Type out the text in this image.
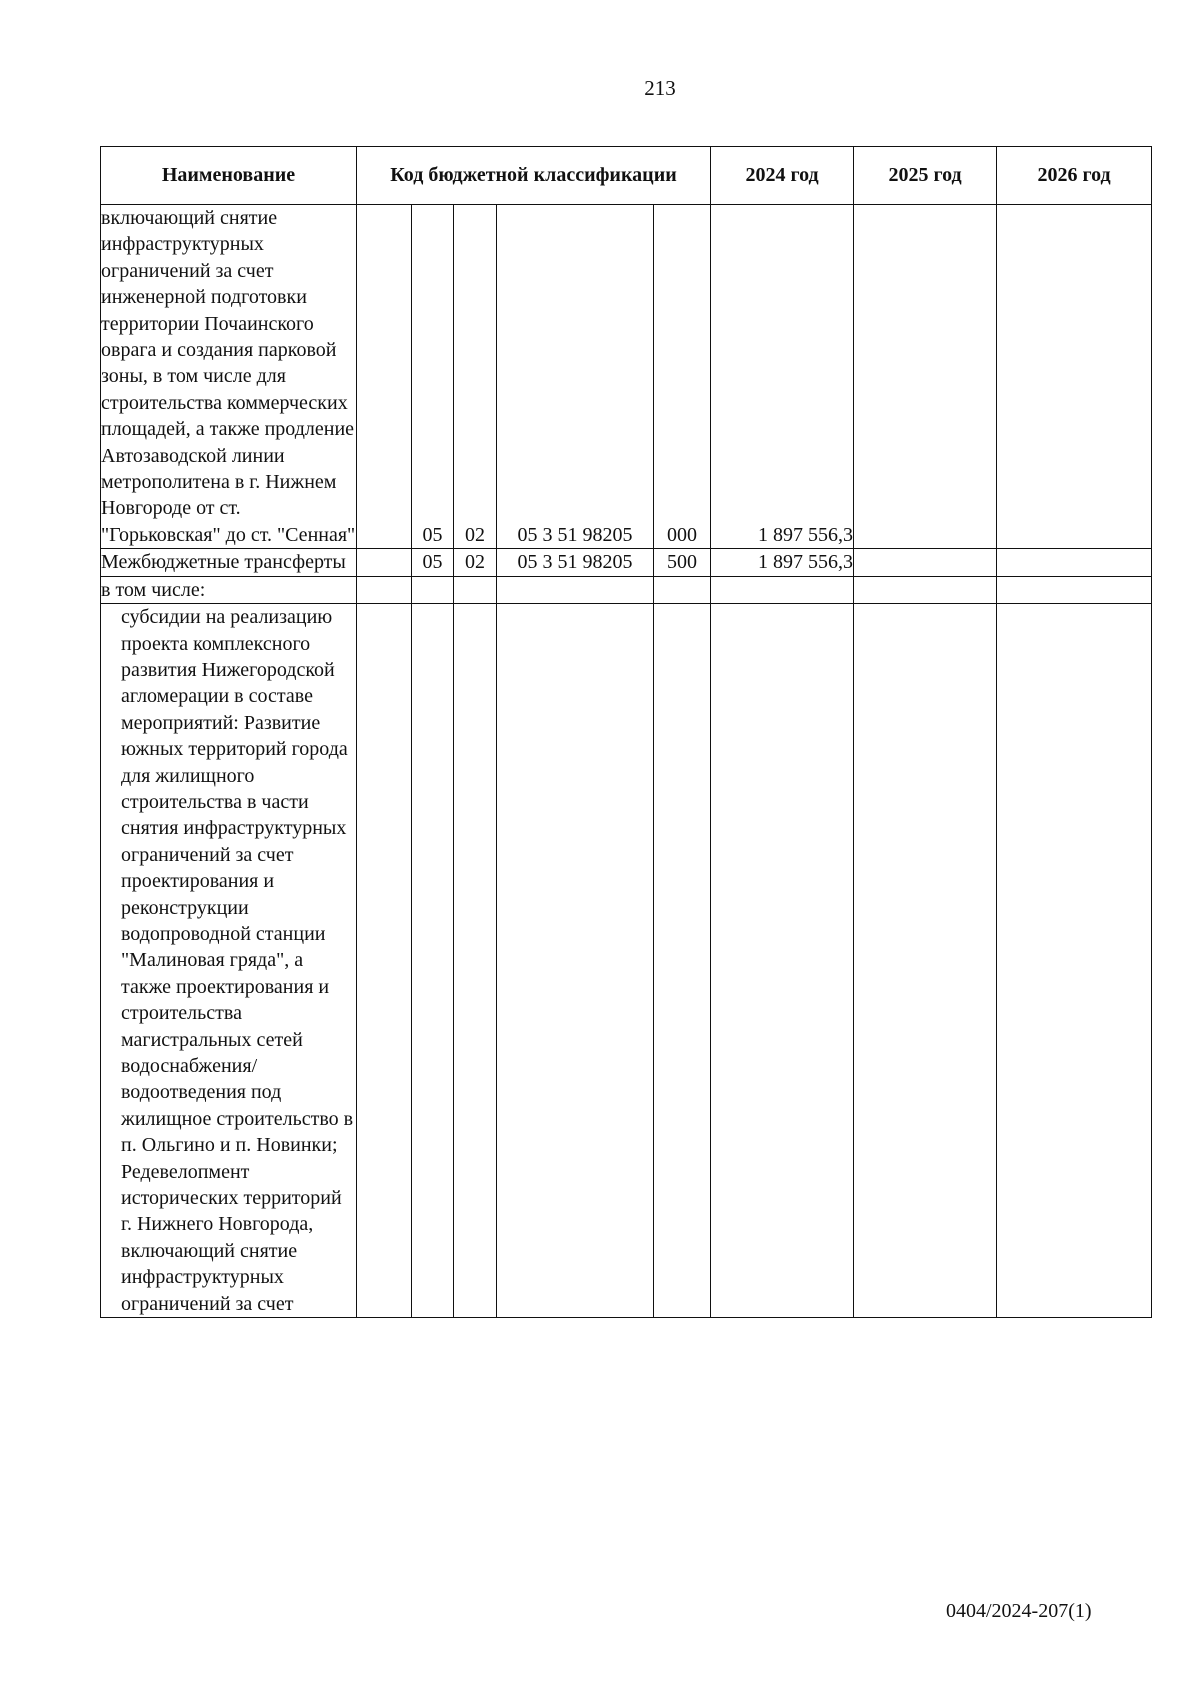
213
Наименование	Код бюджетной классификации					2024 год	2025 год	2026 год
включающий снятие инфраструктурных ограничений за счет инженерной подготовки территории Почаинского оврага и создания парковой зоны, в том числе для строительства коммерческих площадей, а также продление Автозаводской линии метрополитена в г. Нижнем Новгороде от ст. "Горьковская" до ст. "Сенная"		05	02	05 3 51 98205	000	1 897 556,3		
Межбюджетные трансферты		05	02	05 3 51 98205	500	1 897 556,3		
в том числе:								

субсидии на реализацию проекта комплексного развития Нижегородской агломерации в составе мероприятий: Развитие южных территорий города для жилищного строительства в части снятия инфраструктурных ограничений за счет проектирования и реконструкции водопроводной станции "Малиновая гряда", а также проектирования и строительства магистральных сетей водоснабжения/ водоотведения под жилищное строительство в п. Ольгино и п. Новинки; Редевелопмент исторических территорий г. Нижнего Новгорода, включающий снятие инфраструктурных ограничений за счет								

0404/2024-207(1)
